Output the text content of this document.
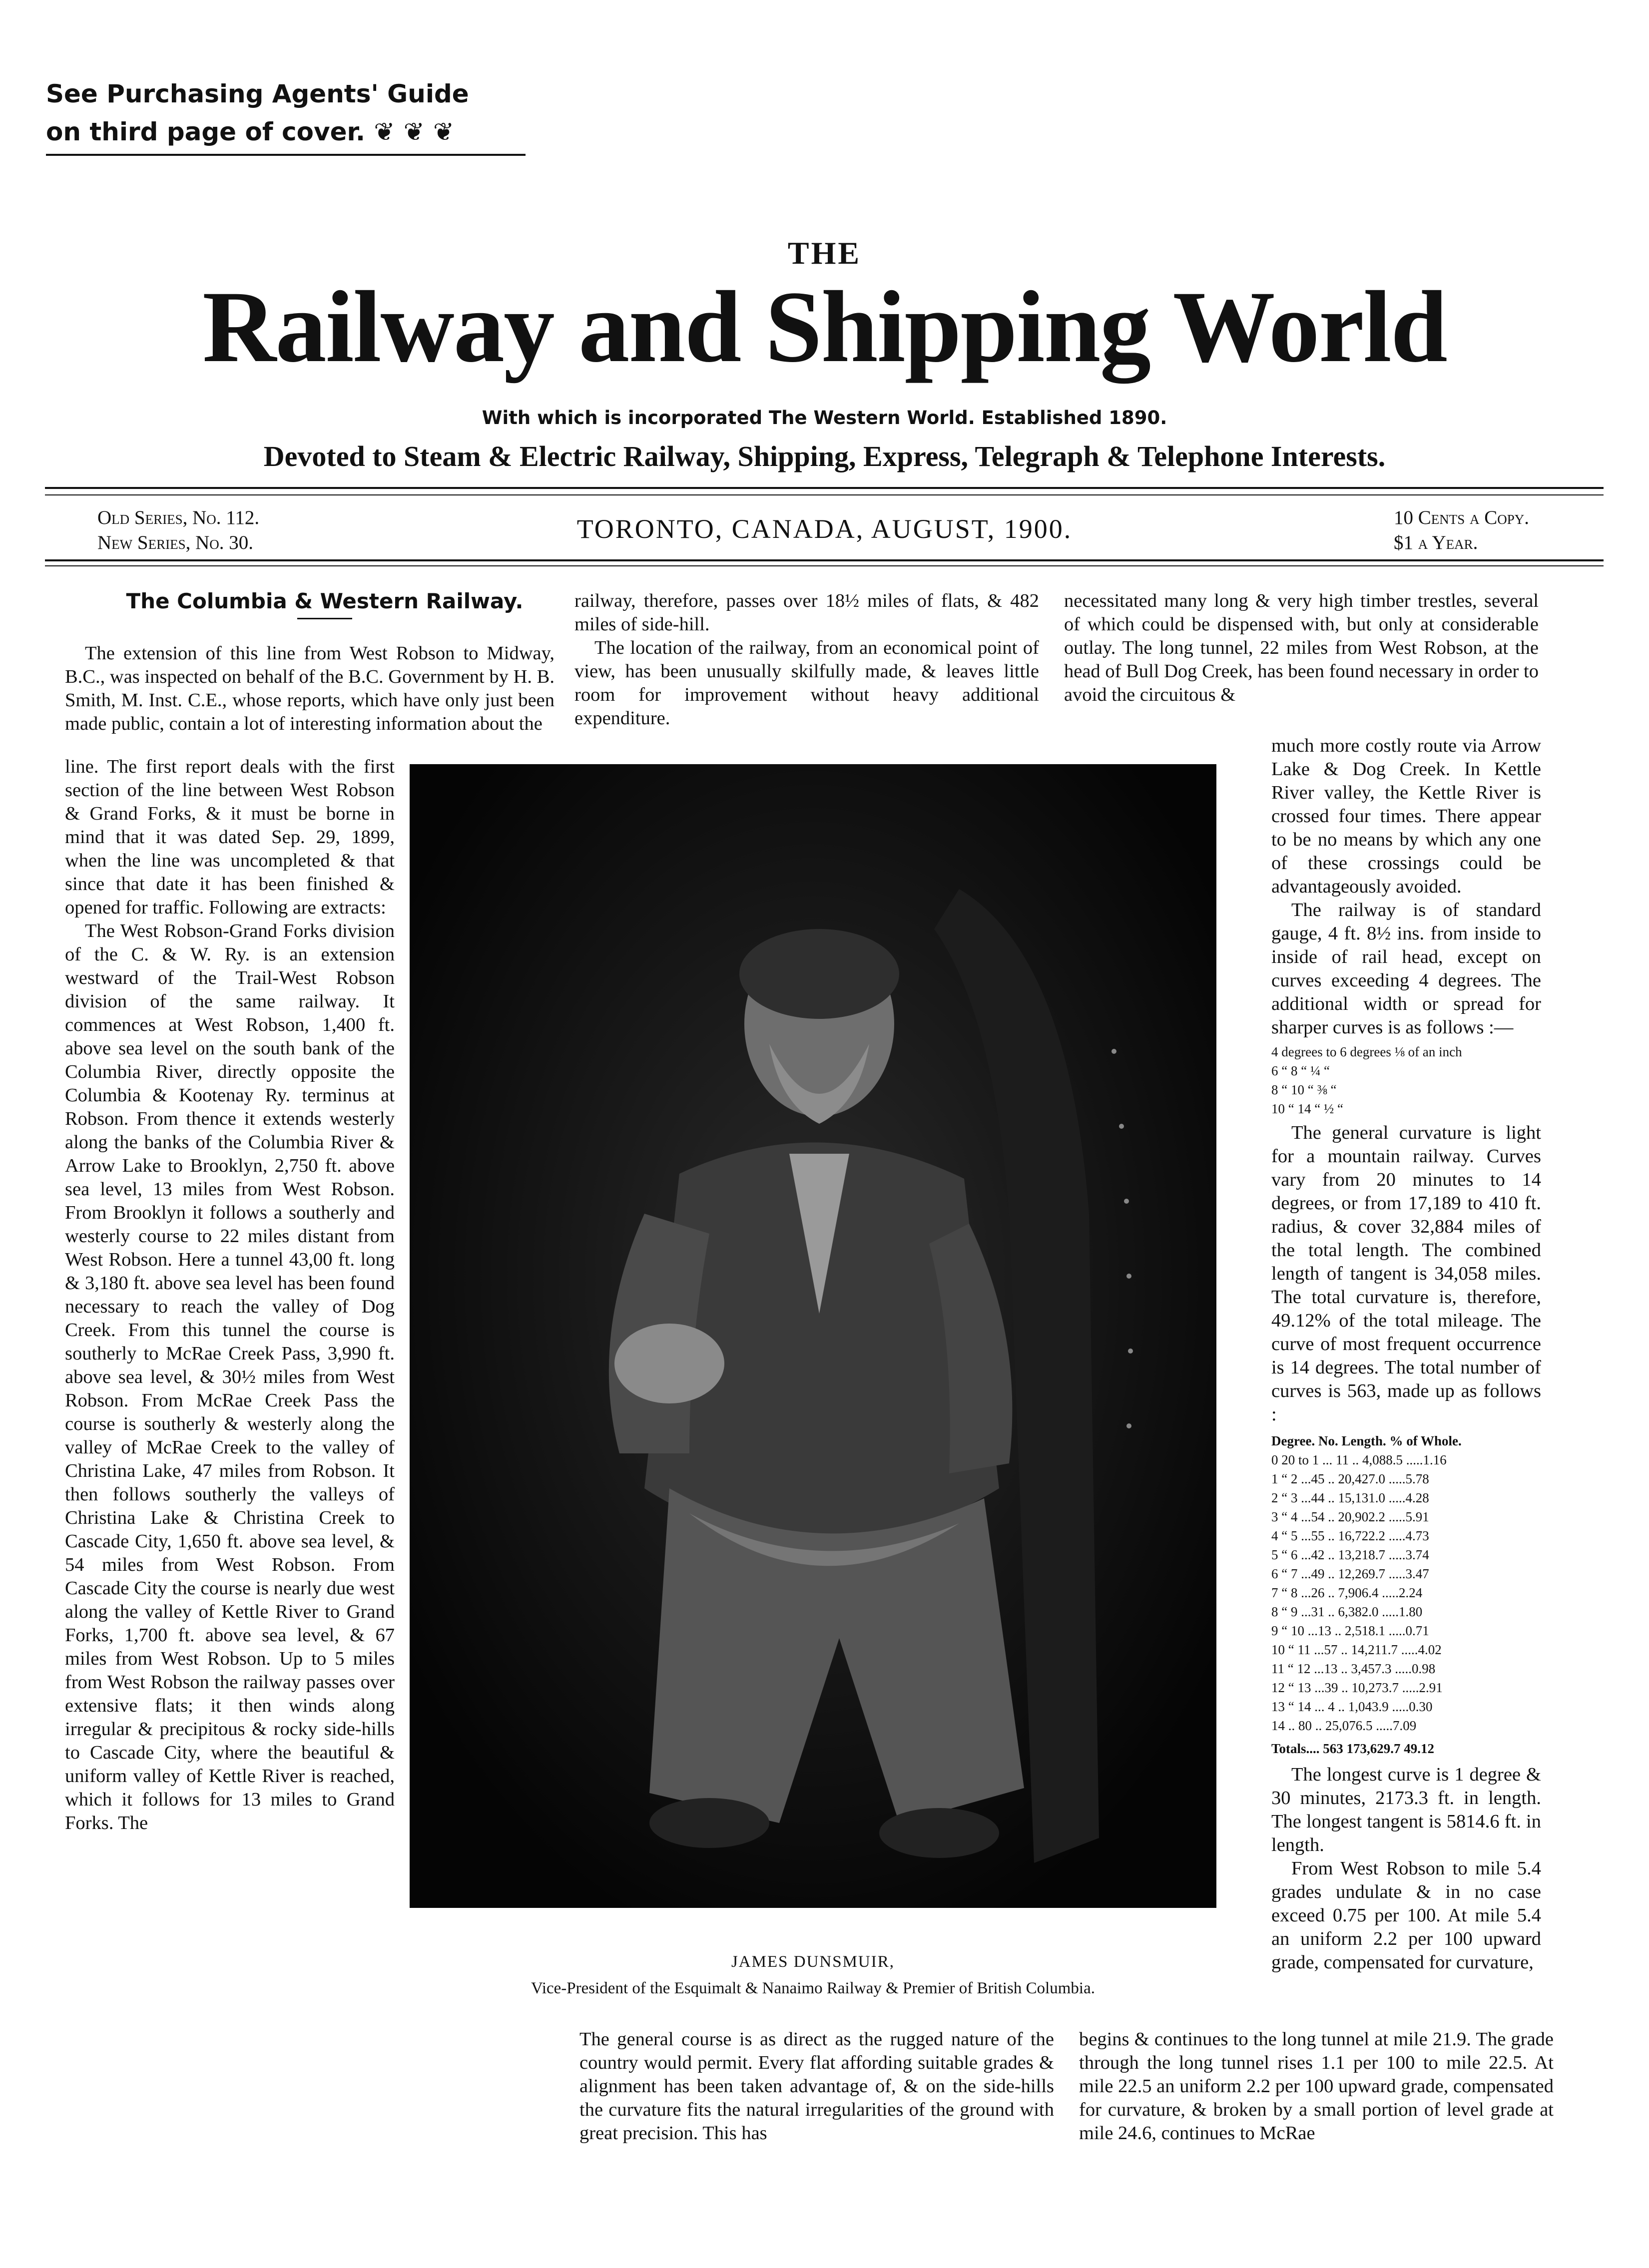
See Purchasing Agents' Guide
on third page of cover. ❦ ❦ ❦
THE
Railway and Shipping World
With which is incorporated The Western World. Established 1890.
Devoted to Steam & Electric Railway, Shipping, Express, Telegraph & Telephone Interests.
Old Series, No. 112.
New Series, No. 30.	TORONTO, CANADA, AUGUST, 1900.	10 Cents a Copy.
$1 a Year.
The Columbia & Western Railway.

The extension of this line from West Robson to Midway, B.C., was inspected on behalf of the B.C. Government by H. B. Smith, M. Inst. C.E., whose reports, which have only just been made public, contain a lot of interesting information about the

line. The first report deals with the first section of the line between West Robson & Grand Forks, & it must be borne in mind that it was dated Sep. 29, 1899, when the line was uncompleted & that since that date it has been finished & opened for traffic. Following are extracts:

The West Robson-Grand Forks division of the C. & W. Ry. is an extension westward of the Trail-West Robson division of the same railway. It commences at West Robson, 1,400 ft. above sea level on the south bank of the Columbia River, directly opposite the Columbia & Kootenay Ry. terminus at Robson. From thence it extends westerly along the banks of the Columbia River & Arrow Lake to Brooklyn, 2,750 ft. above sea level, 13 miles from West Robson. From Brooklyn it follows a southerly and westerly course to 22 miles distant from West Robson. Here a tunnel 43,00 ft. long & 3,180 ft. above sea level has been found necessary to reach the valley of Dog Creek. From this tunnel the course is southerly to McRae Creek Pass, 3,990 ft. above sea level, & 30½ miles from West Robson. From McRae Creek Pass the course is southerly & westerly along the valley of McRae Creek to the valley of Christina Lake, 47 miles from Robson. It then follows southerly the valleys of Christina Lake & Christina Creek to Cascade City, 1,650 ft. above sea level, & 54 miles from West Robson. From Cascade City the course is nearly due west along the valley of Kettle River to Grand Forks, 1,700 ft. above sea level, & 67 miles from West Robson. Up to 5 miles from West Robson the railway passes over extensive flats; it then winds along irregular & precipitous & rocky side-hills to Cascade City, where the beautiful & uniform valley of Kettle River is reached, which it follows for 13 miles to Grand Forks. The

railway, therefore, passes over 18½ miles of flats, & 482 miles of side-hill.

The location of the railway, from an economical point of view, has been unusually skilfully made, & leaves little room for improvement without heavy additional expenditure.

necessitated many long & very high timber trestles, several of which could be dispensed with, but only at considerable outlay. The long tunnel, 22 miles from West Robson, at the head of Bull Dog Creek, has been found necessary in order to avoid the circuitous &

JAMES DUNSMUIR,
Vice-President of the Esquimalt & Nanaimo Railway & Premier of British Columbia.

much more costly route via Arrow Lake & Dog Creek. In Kettle River valley, the Kettle River is crossed four times. There appear to be no means by which any one of these crossings could be advantageously avoided.

The railway is of standard gauge, 4 ft. 8½ ins. from inside to inside of rail head, except on curves exceeding 4 degrees. The additional width or spread for sharper curves is as follows :—

4 degrees to 6 degrees ⅛ of an inch
6 “ 8 “ ¼ “
8 “ 10 “ ⅜ “
10 “ 14 “ ½ “

The general curvature is light for a mountain railway. Curves vary from 20 minutes to 14 degrees, or from 17,189 to 410 ft. radius, & cover 32,884 miles of the total length. The combined length of tangent is 34,058 miles. The total curvature is, therefore, 49.12% of the total mileage. The curve of most frequent occurrence is 14 degrees. The total number of curves is 563, made up as follows :

Degree. No. Length. % of Whole.
0 20 to 1 ... 11 .. 4,088.5 .....1.16
1 “ 2 ...45 .. 20,427.0 .....5.78
2 “ 3 ...44 .. 15,131.0 .....4.28
3 “ 4 ...54 .. 20,902.2 .....5.91
4 “ 5 ...55 .. 16,722.2 .....4.73
5 “ 6 ...42 .. 13,218.7 .....3.74
6 “ 7 ...49 .. 12,269.7 .....3.47
7 “ 8 ...26 .. 7,906.4 .....2.24
8 “ 9 ...31 .. 6,382.0 .....1.80
9 “ 10 ...13 .. 2,518.1 .....0.71
10 “ 11 ...57 .. 14,211.7 .....4.02
11 “ 12 ...13 .. 3,457.3 .....0.98
12 “ 13 ...39 .. 10,273.7 .....2.91
13 “ 14 ... 4 .. 1,043.9 .....0.30
14 .. 80 .. 25,076.5 .....7.09
Totals.... 563 173,629.7 49.12

The longest curve is 1 degree & 30 minutes, 2173.3 ft. in length. The longest tangent is 5814.6 ft. in length.

From West Robson to mile 5.4 grades undulate & in no case exceed 0.75 per 100. At mile 5.4 an uniform 2.2 per 100 upward grade, compensated for curvature,

The general course is as direct as the rugged nature of the country would permit. Every flat affording suitable grades & alignment has been taken advantage of, & on the side-hills the curvature fits the natural irregularities of the ground with great precision. This has

begins & continues to the long tunnel at mile 21.9. The grade through the long tunnel rises 1.1 per 100 to mile 22.5. At mile 22.5 an uniform 2.2 per 100 upward grade, compensated for curvature, & broken by a small portion of level grade at mile 24.6, continues to McRae
